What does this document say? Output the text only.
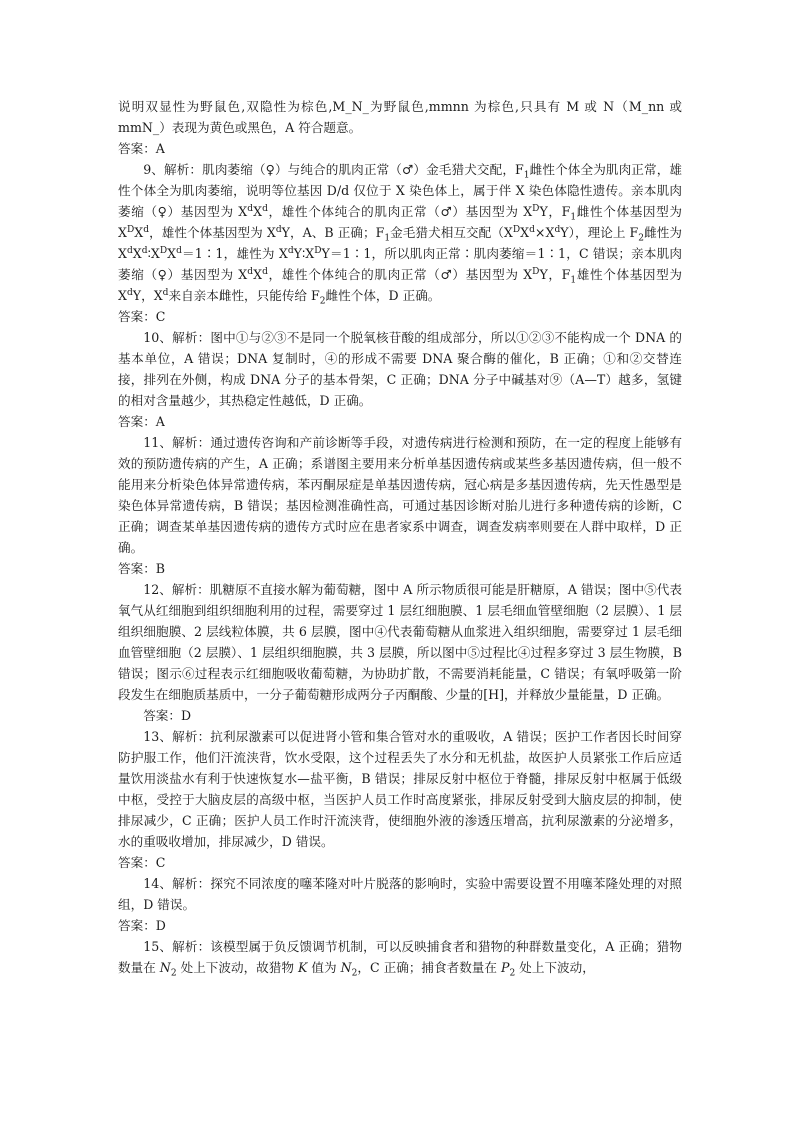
说明双显性为野鼠色,双隐性为棕色,M_N_为野鼠色,mmnn 为棕色,只具有 M 或 N（M_nn 或 mmN_）表现为黄色或黑色，A 符合题意。

答案：A

9、解析：肌肉萎缩（♀）与纯合的肌肉正常（♂）金毛猎犬交配，$F_1$雌性个体全为肌肉正常，雄性个体全为肌肉萎缩，说明等位基因 D/d 仅位于 X 染色体上，属于伴 X 染色体隐性遗传。亲本肌肉萎缩（♀）基因型为 $X^dX^d$，雄性个体纯合的肌肉正常（♂）基因型为 $X^DY$，$F_1$雌性个体基因型为 $X^DX^d$，雄性个体基因型为 $X^dY$，A、B 正确；$F_1$金毛猎犬相互交配$(X^DX^d\times X^dY)$，理论上 $F_2$雌性为 $X^dX^d∶X^DX^d=1∶1$，雄性为 $X^dY∶X^DY=1∶1$，所以肌肉正常∶肌肉萎缩＝1∶1，C 错误；亲本肌肉萎缩（♀）基因型为 $X^dX^d$，雄性个体纯合的肌肉正常（♂）基因型为 $X^DY$，$F_1$雄性个体基因型为 $X^dY$，$X^d$来自亲本雌性，只能传给 $F_2$雌性个体，D 正确。

答案：C

10、解析：图中①与②③不是同一个脱氧核苷酸的组成部分，所以①②③不能构成一个 DNA 的基本单位，A 错误；DNA 复制时，④的形成不需要 DNA 聚合酶的催化，B 正确；①和②交替连接，排列在外侧，构成 DNA 分子的基本骨架，C 正确；DNA 分子中碱基对⑨（A—T）越多，氢键的相对含量越少，其热稳定性越低，D 正确。

答案：A

11、解析：通过遗传咨询和产前诊断等手段，对遗传病进行检测和预防，在一定的程度上能够有效的预防遗传病的产生，A 正确；系谱图主要用来分析单基因遗传病或某些多基因遗传病，但一般不能用来分析染色体异常遗传病，苯丙酮尿症是单基因遗传病，冠心病是多基因遗传病，先天性愚型是染色体异常遗传病，B 错误；基因检测准确性高，可通过基因诊断对胎儿进行多种遗传病的诊断，C 正确；调查某单基因遗传病的遗传方式时应在患者家系中调查，调查发病率则要在人群中取样，D 正确。

答案：B

12、解析：肌糖原不直接水解为葡萄糖，图中 A 所示物质很可能是肝糖原，A 错误；图中⑤代表氧气从红细胞到组织细胞利用的过程，需要穿过 1 层红细胞膜、1 层毛细血管壁细胞（2 层膜）、1 层组织细胞膜、2 层线粒体膜，共 6 层膜，图中④代表葡萄糖从血浆进入组织细胞，需要穿过 1 层毛细血管壁细胞（2 层膜）、1 层组织细胞膜，共 3 层膜，所以图中⑤过程比④过程多穿过 3 层生物膜，B 错误；图示⑥过程表示红细胞吸收葡萄糖，为协助扩散，不需要消耗能量，C 错误；有氧呼吸第一阶段发生在细胞质基质中，一分子葡萄糖形成两分子丙酮酸、少量的[H]，并释放少量能量，D 正确。

答案：D

13、解析：抗利尿激素可以促进肾小管和集合管对水的重吸收，A 错误；医护工作者因长时间穿防护服工作，他们汗流浃背，饮水受限，这个过程丢失了水分和无机盐，故医护人员紧张工作后应适量饮用淡盐水有利于快速恢复水—盐平衡，B 错误；排尿反射中枢位于脊髓，排尿反射中枢属于低级中枢，受控于大脑皮层的高级中枢，当医护人员工作时高度紧张，排尿反射受到大脑皮层的抑制，使排尿减少，C 正确；医护人员工作时汗流浃背，使细胞外液的渗透压增高，抗利尿激素的分泌增多，水的重吸收增加，排尿减少，D 错误。

答案：C

14、解析：探究不同浓度的噻苯隆对叶片脱落的影响时，实验中需要设置不用噻苯隆处理的对照组，D 错误。

答案：D

15、解析：该模型属于负反馈调节机制，可以反映捕食者和猎物的种群数量变化，A 正确；猎物数量在 $N_2$ 处上下波动，故猎物 K 值为 $N_2$，C 正确；捕食者数量在 $P_2$ 处上下波动，
